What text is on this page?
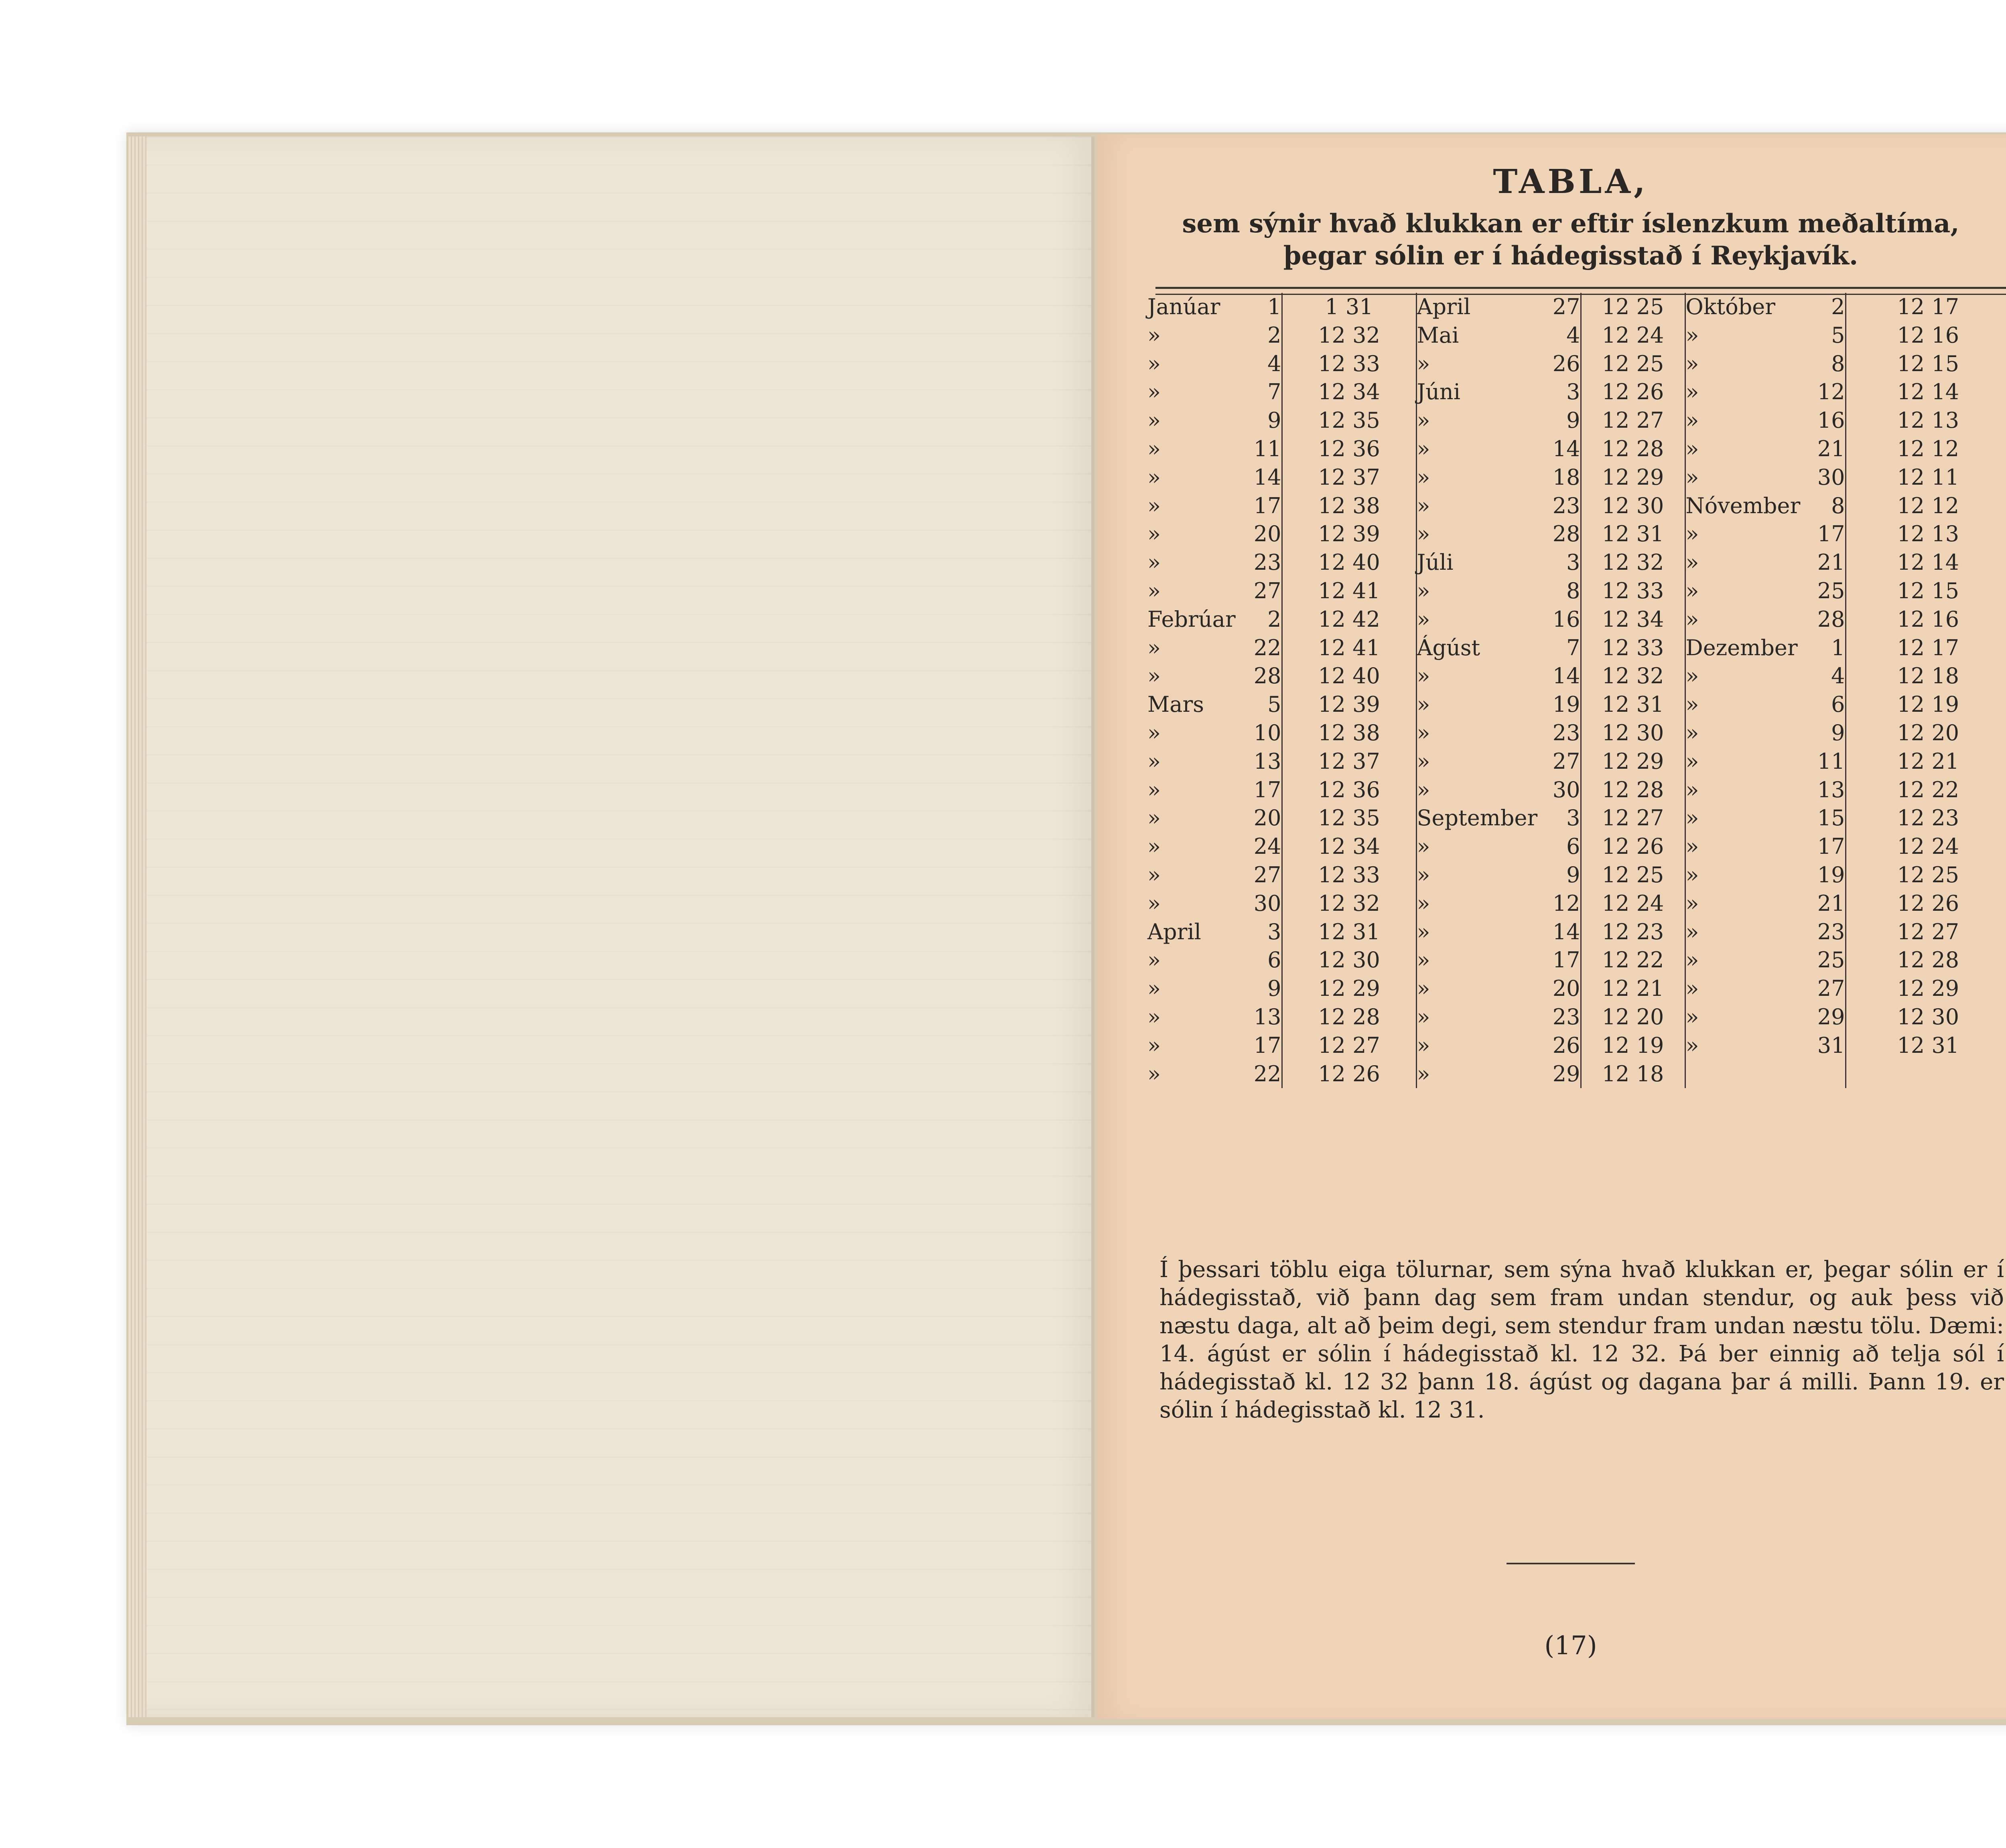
TABLA,
sem sýnir hvað klukkan er eftir íslenzkum meðaltíma,
þegar sólin er í hádegisstað í Reykjavík.
Janúar	1	1 31	April	27	12 25	Október	2	12 17
»	2	12 32	Mai	4	12 24	»	5	12 16
»	4	12 33	»	26	12 25	»	8	12 15
»	7	12 34	Júni	3	12 26	»	12	12 14
»	9	12 35	»	9	12 27	»	16	12 13
»	11	12 36	»	14	12 28	»	21	12 12
»	14	12 37	»	18	12 29	»	30	12 11
»	17	12 38	»	23	12 30	Nóvember	8	12 12
»	20	12 39	»	28	12 31	»	17	12 13
»	23	12 40	Júli	3	12 32	»	21	12 14
»	27	12 41	»	8	12 33	»	25	12 15
Febrúar	2	12 42	»	16	12 34	»	28	12 16
»	22	12 41	Ágúst	7	12 33	Dezember	1	12 17
»	28	12 40	»	14	12 32	»	4	12 18
Mars	5	12 39	»	19	12 31	»	6	12 19
»	10	12 38	»	23	12 30	»	9	12 20
»	13	12 37	»	27	12 29	»	11	12 21
»	17	12 36	»	30	12 28	»	13	12 22
»	20	12 35	September	3	12 27	»	15	12 23
»	24	12 34	»	6	12 26	»	17	12 24
»	27	12 33	»	9	12 25	»	19	12 25
»	30	12 32	»	12	12 24	»	21	12 26
April	3	12 31	»	14	12 23	»	23	12 27
»	6	12 30	»	17	12 22	»	25	12 28
»	9	12 29	»	20	12 21	»	27	12 29
»	13	12 28	»	23	12 20	»	29	12 30
»	17	12 27	»	26	12 19	»	31	12 31
»	22	12 26	»	29	12 18			
Í þessari töblu eiga tölurnar, sem sýna hvað klukkan er, þegar sólin er í hádegisstað, við þann dag sem fram undan stendur, og auk þess við næstu daga, alt að þeim degi, sem stendur fram undan næstu tölu. Dæmi: 14. ágúst er sólin í hádegisstað kl. 12 32. Þá ber einnig að telja sól í hádegisstað kl. 12 32 þann 18. ágúst og dagana þar á milli. Þann 19. er sólin í hádegisstað kl. 12 31.
(17)
